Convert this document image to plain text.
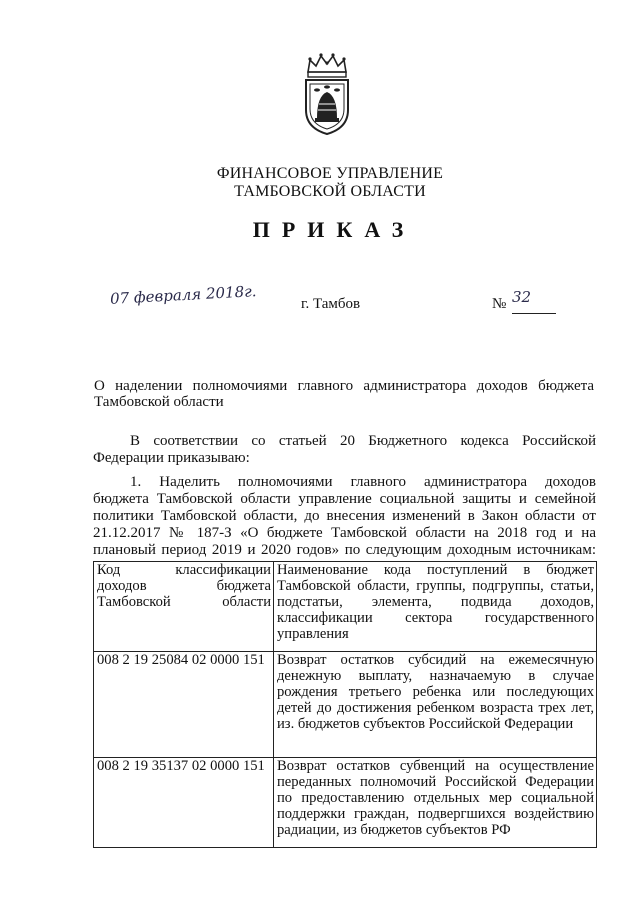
ФИНАНСОВОЕ УПРАВЛЕНИЕ
ТАМБОВСКОЙ ОБЛАСТИ
ПРИКАЗ
07 февраля 2018г.	г. Тамбов	№ 32
О наделении полномочиями главного администратора доходов бюджета
Тамбовской области
В соответствии со статьей 20 Бюджетного кодекса Российской
Федерации приказываю:
1. Наделить полномочиями главного администратора доходов
бюджета Тамбовской области управление социальной защиты и семейной
политики Тамбовской области, до внесения изменений в Закон области от
21.12.2017 № 187-З «О бюджете Тамбовской области на 2018 год и на
плановый период 2019 и 2020 годов» по следующим доходным источникам:
Код классификации доходов бюджета Тамбовской области	Наименование кода поступлений в бюджет Тамбовской области, группы, подгруппы, статьи, подстатьи, элемента, подвида доходов, классификации сектора государственного управления
008 2 19 25084 02 0000 151	Возврат остатков субсидий на ежемесячную денежную выплату, назначаемую в случае рождения третьего ребенка или последующих детей до достижения ребенком возраста трех лет, из. бюджетов субъектов Российской Федерации
008 2 19 35137 02 0000 151	Возврат остатков субвенций на осуществление переданных полномочий Российской Федерации по предоставлению отдельных мер социальной поддержки граждан, подвергшихся воздействию радиации, из бюджетов субъектов РФ
